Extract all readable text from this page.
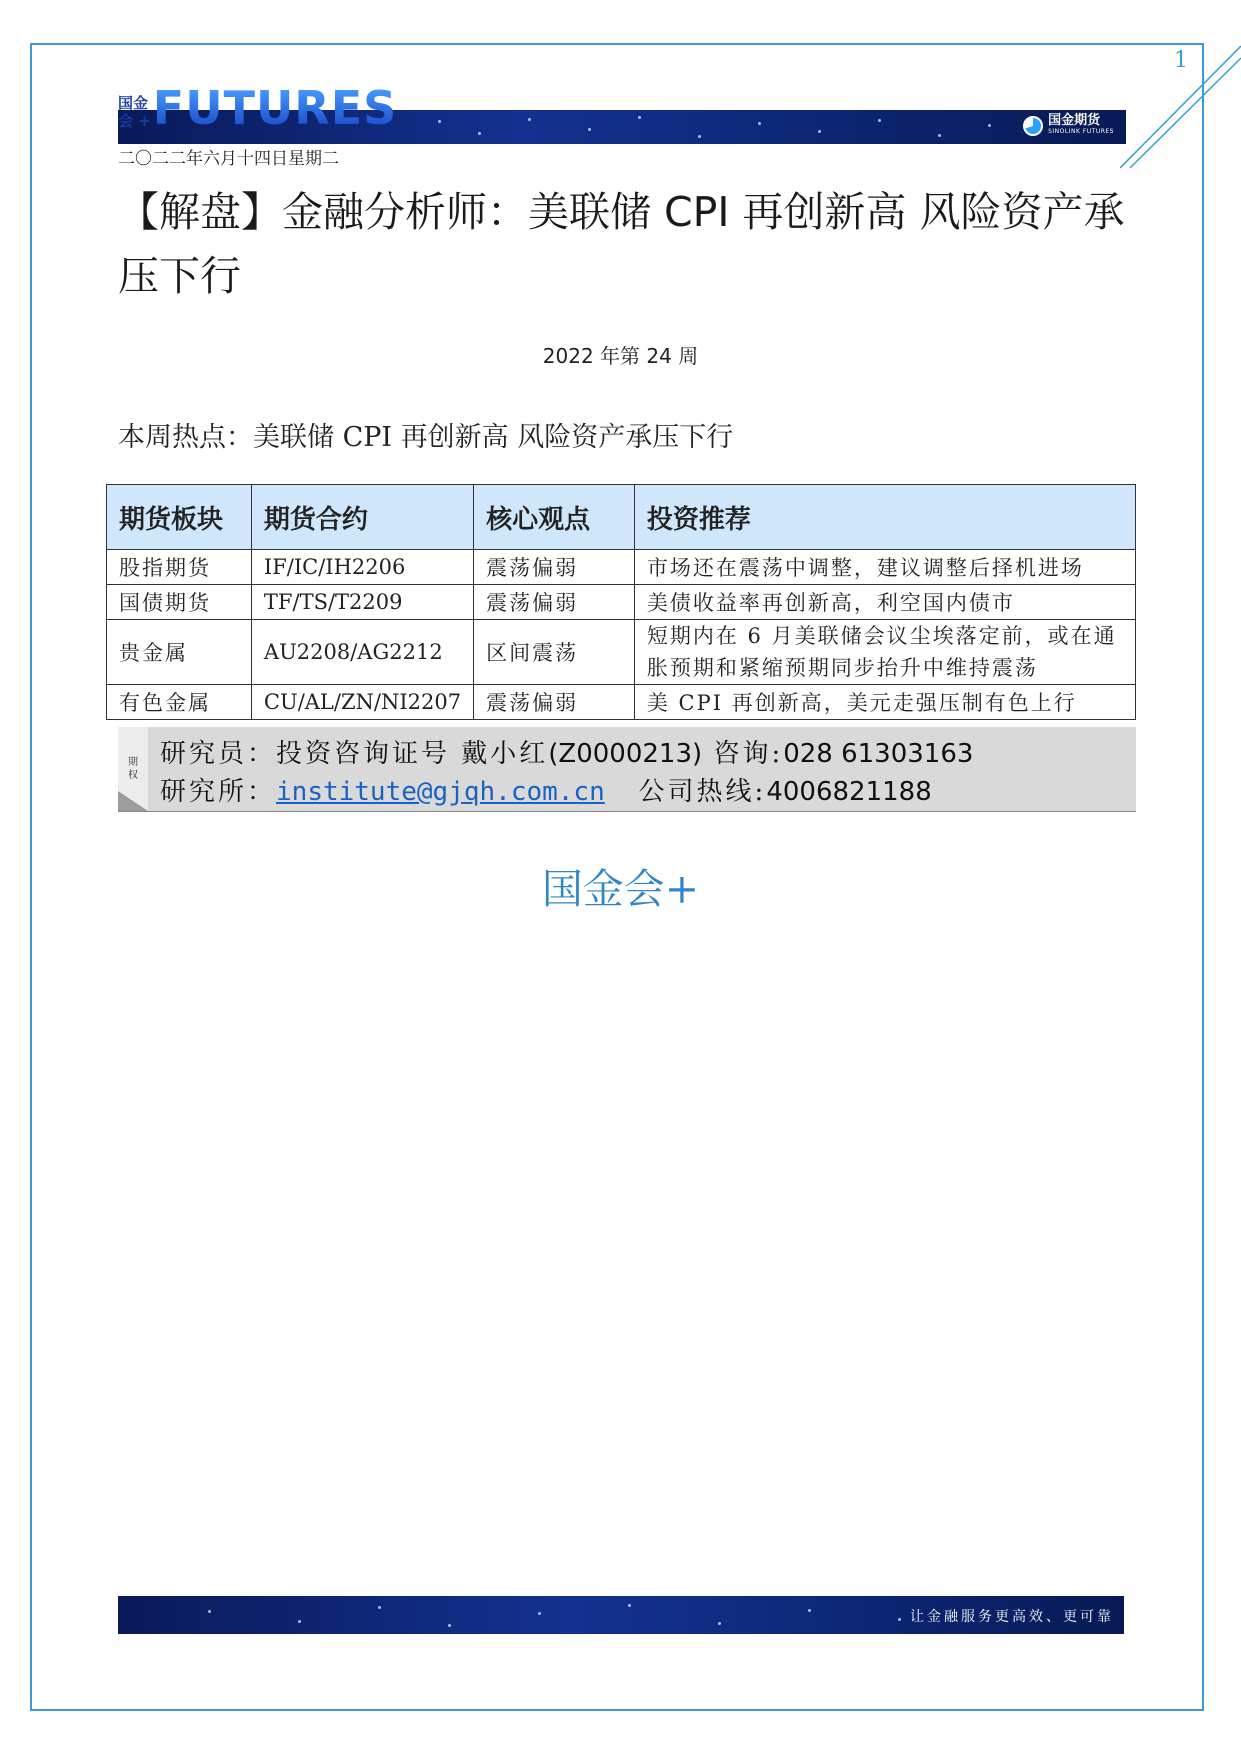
1
国金期货
SINOLINK FUTURES
国金
会 + FUTURES
二〇二二年六月十四日星期二
【解盘】金融分析师：美联储 CPI 再创新高 风险资产承压下行
2022 年第 24 周
本周热点：美联储 CPI 再创新高 风险资产承压下行
期货板块	期货合约	核心观点	投资推荐
股指期货	IF/IC/IH2206	震荡偏弱	市场还在震荡中调整，建议调整后择机进场
国债期货	TF/TS/T2209	震荡偏弱	美债收益率再创新高，利空国内债市
贵金属	AU2208/AG2212	区间震荡	短期内在 6 月美联储会议尘埃落定前，或在通胀预期和紧缩预期同步抬升中维持震荡
有色金属	CU/AL/ZN/NI2207	震荡偏弱	美 CPI 再创新高，美元走强压制有色上行
期
权
研究员：投资咨询证号 戴小红(Z0000213) 咨询:028 61303163
研究所：institute@gjqh.com.cn 公司热线:4006821188
国金会+
让金融服务更高效、更可靠
